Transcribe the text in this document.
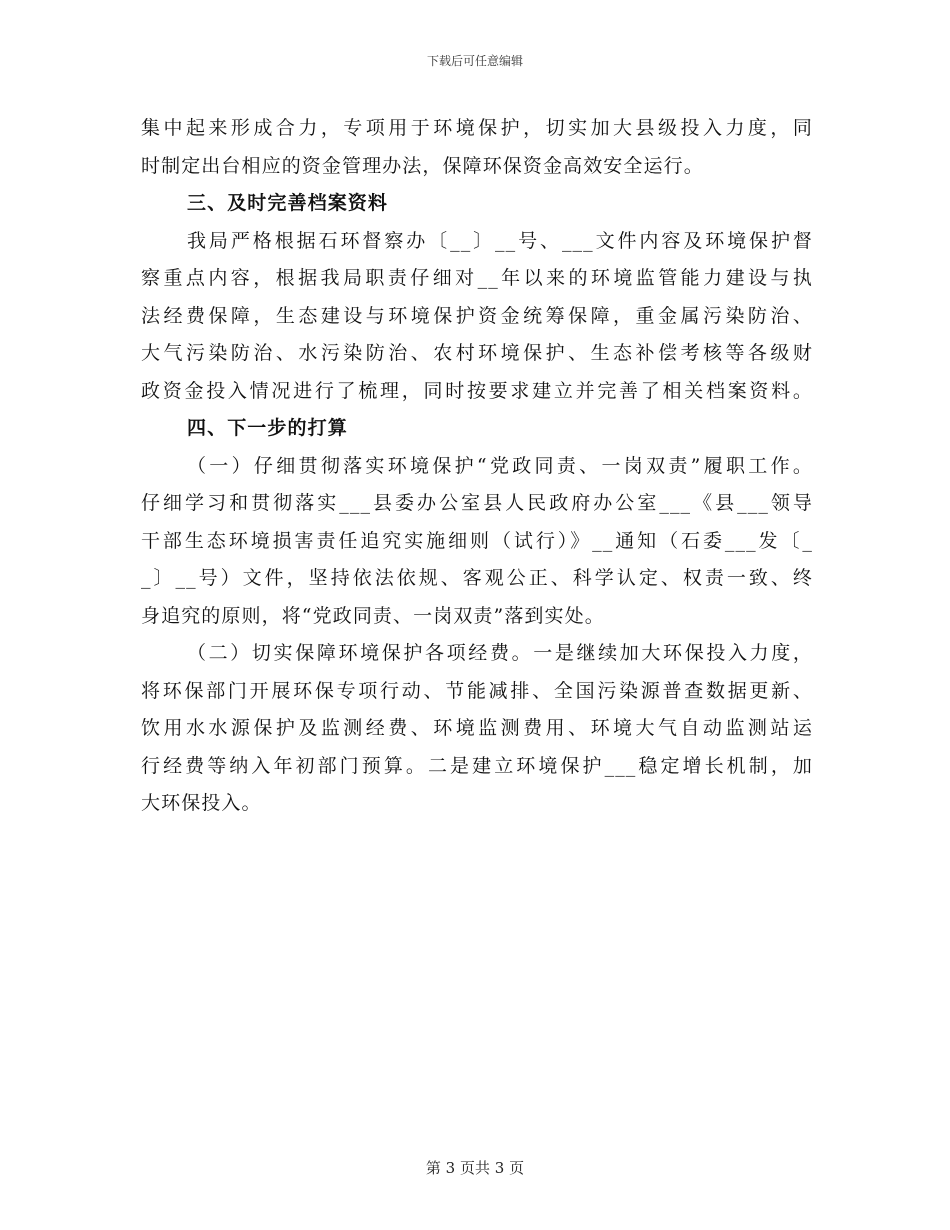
下载后可任意编辑
集中起来形成合力，专项用于环境保护，切实加大县级投入力度，同
时制定出台相应的资金管理办法，保障环保资金高效安全运行。
三、及时完善档案资料
我局严格根据石环督察办〔__〕__号、___文件内容及环境保护督
察重点内容，根据我局职责仔细对__年以来的环境监管能力建设与执
法经费保障，生态建设与环境保护资金统筹保障，重金属污染防治、
大气污染防治、水污染防治、农村环境保护、生态补偿考核等各级财
政资金投入情况进行了梳理，同时按要求建立并完善了相关档案资料。
四、下一步的打算
（一）仔细贯彻落实环境保护“党政同责、一岗双责”履职工作。
仔细学习和贯彻落实___县委办公室县人民政府办公室___《县___领导
干部生态环境损害责任追究实施细则（试行）》__通知（石委___发〔_
_〕__号）文件，坚持依法依规、客观公正、科学认定、权责一致、终
身追究的原则，将“党政同责、一岗双责”落到实处。
（二）切实保障环境保护各项经费。一是继续加大环保投入力度，
将环保部门开展环保专项行动、节能减排、全国污染源普查数据更新、
饮用水水源保护及监测经费、环境监测费用、环境大气自动监测站运
行经费等纳入年初部门预算。二是建立环境保护___稳定增长机制，加
大环保投入。
第 3 页共 3 页
